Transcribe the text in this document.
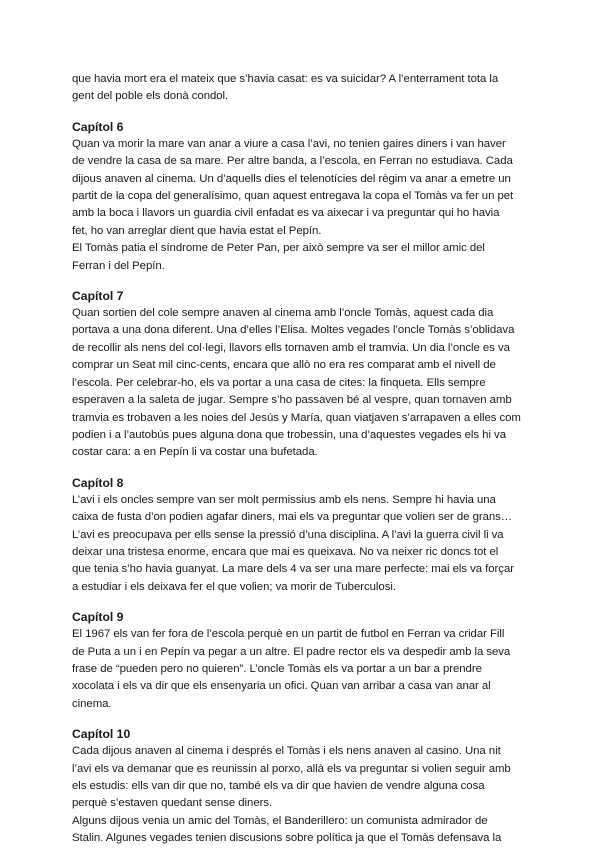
que havia mort era el mateix que s’havia casat: es va suicidar? A l’enterrament tota la
gent del poble els donà condol.

Capítol 6

Quan va morir la mare van anar a viure a casa l’avi, no tenien gaires diners i van haver
de vendre la casa de sa mare. Per altre banda, a l’escola, en Ferran no estudiava. Cada
dijous anaven al cinema. Un d’aquells dies el telenotícies del règim va anar a emetre un
partit de la copa del generalísimo, quan aquest entregava la copa el Tomàs va fer un pet
amb la boca i llavors un guardia civil enfadat es va aixecar i va preguntar qui ho havia
fet, ho van arreglar dient que havia estat el Pepín.

El Tomàs patia el síndrome de Peter Pan, per això sempre va ser el millor amic del
Ferran i del Pepín.

Capítol 7

Quan sortien del cole sempre anaven al cinema amb l’oncle Tomàs, aquest cada dia
portava a una dona diferent. Una d’elles l’Elisa. Moltes vegades l’oncle Tomàs s’oblidava
de recollir als nens del col·legi, llavors ells tornaven amb el tramvia. Un dia l’oncle es va
comprar un Seat mil cinc-cents, encara que allò no era res comparat amb el nivell de
l’escola. Per celebrar-ho, els va portar a una casa de cites: la finqueta. Ells sempre
esperaven a la saleta de jugar. Sempre s’ho passaven bé al vespre, quan tornaven amb
tramvia es trobaven a les noies del Jesús y María, quan viatjaven s’arrapaven a elles com
podien i a l’autobús pues alguna dona que trobessin, una d’aquestes vegades els hi va
costar cara: a en Pepín li va costar una bufetada.

Capítol 8

L’avi i els oncles sempre van ser molt permissius amb els nens. Sempre hi havia una
caixa de fusta d’on podien agafar diners, mai els va preguntar que volien ser de grans…
L’avi es preocupava per ells sense la pressió d’una disciplina. A l’avi la guerra civil li va
deixar una tristesa enorme, encara que mai es queixava. No va neixer ric doncs tot el
que tenia s’ho havia guanyat. La mare dels 4 va ser una mare perfecte: mai els va forçar
a estudiar i els deixava fer el que volien; va morir de Tuberculosi.

Capítol 9

El 1967 els van fer fora de l’escola perquè en un partit de futbol en Ferran va cridar Fill
de Puta a un i en Pepín va pegar a un altre. El padre rector els va despedir amb la seva
frase de “pueden pero no quieren”. L’oncle Tomàs els va portar a un bar a prendre
xocolata i els va dir que els ensenyaria un ofici. Quan van arribar a casa van anar al
cinema.

Capítol 10

Cada dijous anaven al cinema i després el Tomàs i els nens anaven al casino. Una nit
l’avi els va demanar que es reunissin al porxo, allà els va preguntar si volien seguir amb
els estudis: ells van dir que no, també els va dir que havien de vendre alguna cosa
perquè s’estaven quedant sense diners.

Alguns dijous venia un amic del Tomàs, el Banderillero: un comunista admirador de
Stalin. Algunes vegades tenien discusions sobre política ja que el Tomàs defensava la
